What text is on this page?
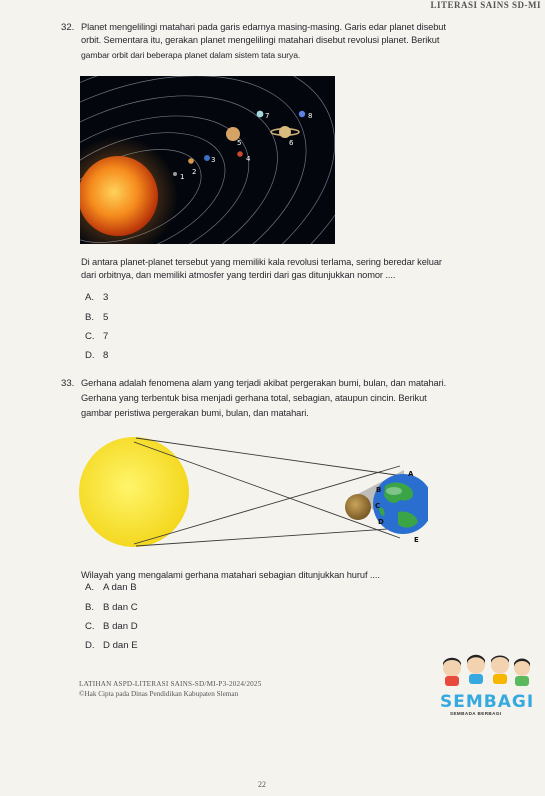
LITERASI SAINS SD-MI
32. Planet mengelilingi matahari pada garis edarnya masing-masing. Garis edar planet disebut
orbit. Sementara itu, gerakan planet mengelilingi matahari disebut revolusi planet. Berikut
gambar orbit dari beberapa planet dalam sistem tata surya.
1
2
3	4
5	6
7	8
Di antara planet-planet tersebut yang memiliki kala revolusi terlama, sering beredar keluar
dari orbitnya, dan memiliki atmosfer yang terdiri dari gas ditunjukkan nomor ....
A. 3
B. 5
C. 7
D. 8
33. Gerhana adalah fenomena alam yang terjadi akibat pergerakan bumi, bulan, dan matahari.
Gerhana yang terbentuk bisa menjadi gerhana total, sebagian, ataupun cincin. Berikut
gambar peristiwa pergerakan bumi, bulan, dan matahari.
A
B
C
D
E
Wilayah yang mengalami gerhana matahari sebagian ditunjukkan huruf ....
A. A dan B
B. B dan C
C. B dan D
D. D dan E
LATIHAN ASPD-LITERASI SAINS-SD/MI-P3-2024/2025
©Hak Cipta pada Dinas Pendidikan Kabupaten Sleman	SEMBAGI
SEMBADA BERBAGI
22
